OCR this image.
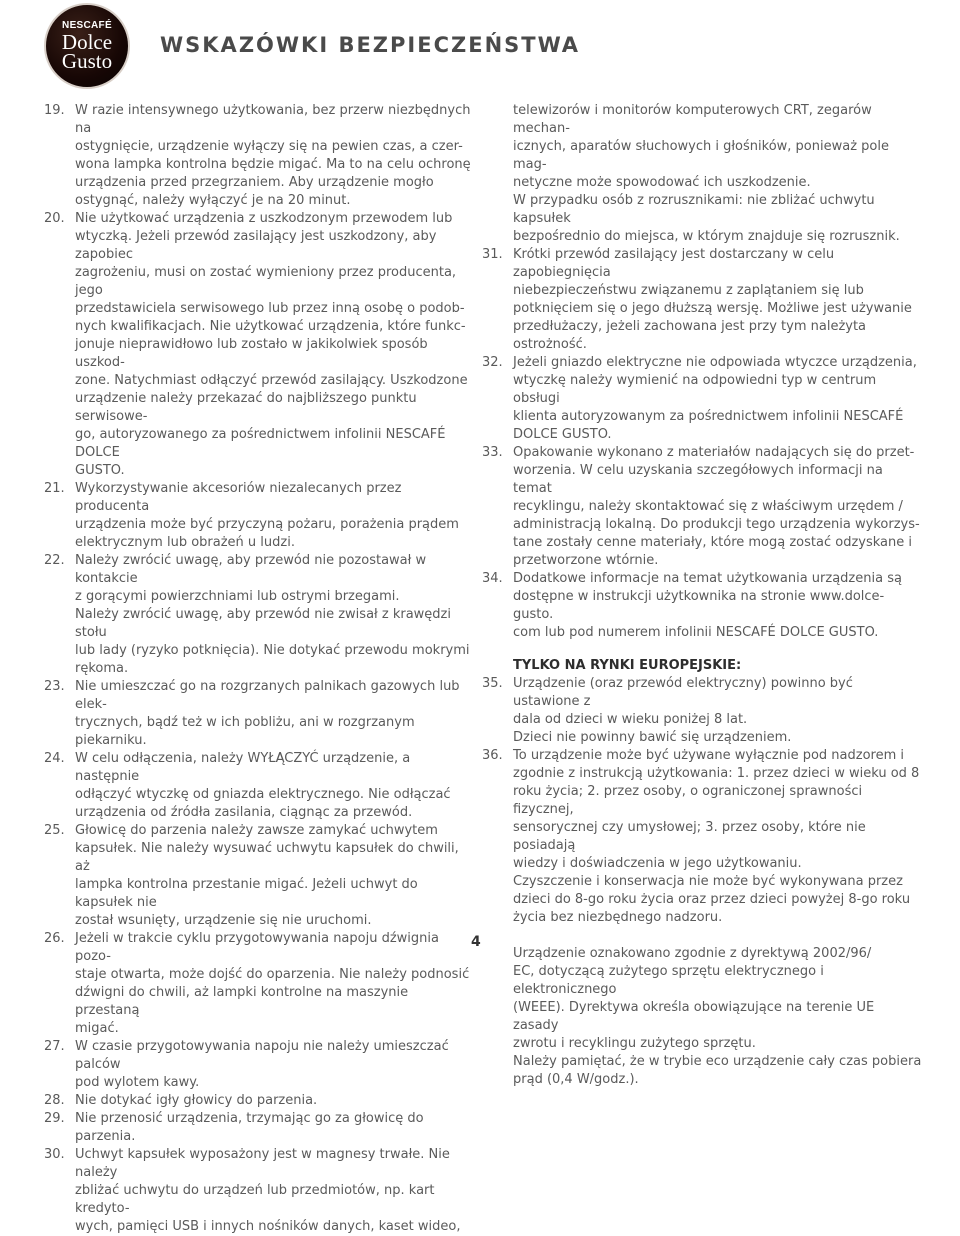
NESCAFÉ
Dolce
Gusto
WSKAZÓWKI BEZPIECZEŃSTWA
19. W razie intensywnego użytkowania, bez przerw niezbędnych na
ostygnięcie, urządzenie wyłączy się na pewien czas, a czer-
wona lampka kontrolna będzie migać. Ma to na celu ochronę
urządzenia przed przegrzaniem. Aby urządzenie mogło
ostygnąć, należy wyłączyć je na 20 minut.
20. Nie użytkować urządzenia z uszkodzonym przewodem lub
wtyczką. Jeżeli przewód zasilający jest uszkodzony, aby zapobiec
zagrożeniu, musi on zostać wymieniony przez producenta, jego
przedstawiciela serwisowego lub przez inną osobę o podob-
nych kwalifikacjach. Nie użytkować urządzenia, które funkc-
jonuje nieprawidłowo lub zostało w jakikolwiek sposób uszkod-
zone. Natychmiast odłączyć przewód zasilający. Uszkodzone
urządzenie należy przekazać do najbliższego punktu serwisowe-
go, autoryzowanego za pośrednictwem infolinii NESCAFÉ DOLCE
GUSTO.
21. Wykorzystywanie akcesoriów niezalecanych przez producenta
urządzenia może być przyczyną pożaru, porażenia prądem
elektrycznym lub obrażeń u ludzi.
22. Należy zwrócić uwagę, aby przewód nie pozostawał w kontakcie
z gorącymi powierzchniami lub ostrymi brzegami.
Należy zwrócić uwagę, aby przewód nie zwisał z krawędzi stołu
lub lady (ryzyko potknięcia). Nie dotykać przewodu mokrymi
rękoma.
23. Nie umieszczać go na rozgrzanych palnikach gazowych lub elek-
trycznych, bądź też w ich pobliżu, ani w rozgrzanym piekarniku.
24. W celu odłączenia, należy WYŁĄCZYĆ urządzenie, a następnie
odłączyć wtyczkę od gniazda elektrycznego. Nie odłączać
urządzenia od źródła zasilania, ciągnąc za przewód.
25. Głowicę do parzenia należy zawsze zamykać uchwytem
kapsułek. Nie należy wysuwać uchwytu kapsułek do chwili, aż
lampka kontrolna przestanie migać. Jeżeli uchwyt do kapsułek nie
został wsunięty, urządzenie się nie uruchomi.
26. Jeżeli w trakcie cyklu przygotowywania napoju dźwignia pozo-
staje otwarta, może dojść do oparzenia. Nie należy podnosić
dźwigni do chwili, aż lampki kontrolne na maszynie przestaną
migać.
27. W czasie przygotowywania napoju nie należy umieszczać palców
pod wylotem kawy.
28. Nie dotykać igły głowicy do parzenia.
29. Nie przenosić urządzenia, trzymając go za głowicę do parzenia.
30. Uchwyt kapsułek wyposażony jest w magnesy trwałe. Nie należy
zbliżać uchwytu do urządzeń lub przedmiotów, np. kart kredyto-
wych, pamięci USB i innych nośników danych, kaset wideo,
telewizorów i monitorów komputerowych CRT, zegarów mechan-
icznych, aparatów słuchowych i głośników, ponieważ pole mag-
netyczne może spowodować ich uszkodzenie.
W przypadku osób z rozrusznikami: nie zbliżać uchwytu kapsułek
bezpośrednio do miejsca, w którym znajduje się rozrusznik.
31. Krótki przewód zasilający jest dostarczany w celu zapobiegnięcia
niebezpieczeństwu związanemu z zaplątaniem się lub
potknięciem się o jego dłuższą wersję. Możliwe jest używanie
przedłużaczy, jeżeli zachowana jest przy tym należyta ostrożność.
32. Jeżeli gniazdo elektryczne nie odpowiada wtyczce urządzenia,
wtyczkę należy wymienić na odpowiedni typ w centrum obsługi
klienta autoryzowanym za pośrednictwem infolinii NESCAFÉ
DOLCE GUSTO.
33. Opakowanie wykonano z materiałów nadających się do przet-
worzenia. W celu uzyskania szczegółowych informacji na temat
recyklingu, należy skontaktować się z właściwym urzędem /
administracją lokalną. Do produkcji tego urządzenia wykorzys-
tane zostały cenne materiały, które mogą zostać odzyskane i
przetworzone wtórnie.
34. Dodatkowe informacje na temat użytkowania urządzenia są
dostępne w instrukcji użytkownika na stronie www.dolce-gusto.
com lub pod numerem infolinii NESCAFÉ DOLCE GUSTO.
TYLKO NA RYNKI EUROPEJSKIE:
35. Urządzenie (oraz przewód elektryczny) powinno być ustawione z
dala od dzieci w wieku poniżej 8 lat.
Dzieci nie powinny bawić się urządzeniem.
36. To urządzenie może być używane wyłącznie pod nadzorem i
zgodnie z instrukcją użytkowania: 1. przez dzieci w wieku od 8
roku życia; 2. przez osoby, o ograniczonej sprawności fizycznej,
sensorycznej czy umysłowej; 3. przez osoby, które nie posiadają
wiedzy i doświadczenia w jego użytkowaniu.
Czyszczenie i konserwacja nie może być wykonywana przez
dzieci do 8-go roku życia oraz przez dzieci powyżej 8-go roku
życia bez niezbędnego nadzoru.
Urządzenie oznakowano zgodnie z dyrektywą 2002/96/
EC, dotyczącą zużytego sprzętu elektrycznego i elektronicznego
(WEEE). Dyrektywa określa obowiązujące na terenie UE zasady
zwrotu i recyklingu zużytego sprzętu.
Należy pamiętać, że w trybie eco urządzenie cały czas pobiera
prąd (0,4 W/godz.).
4
